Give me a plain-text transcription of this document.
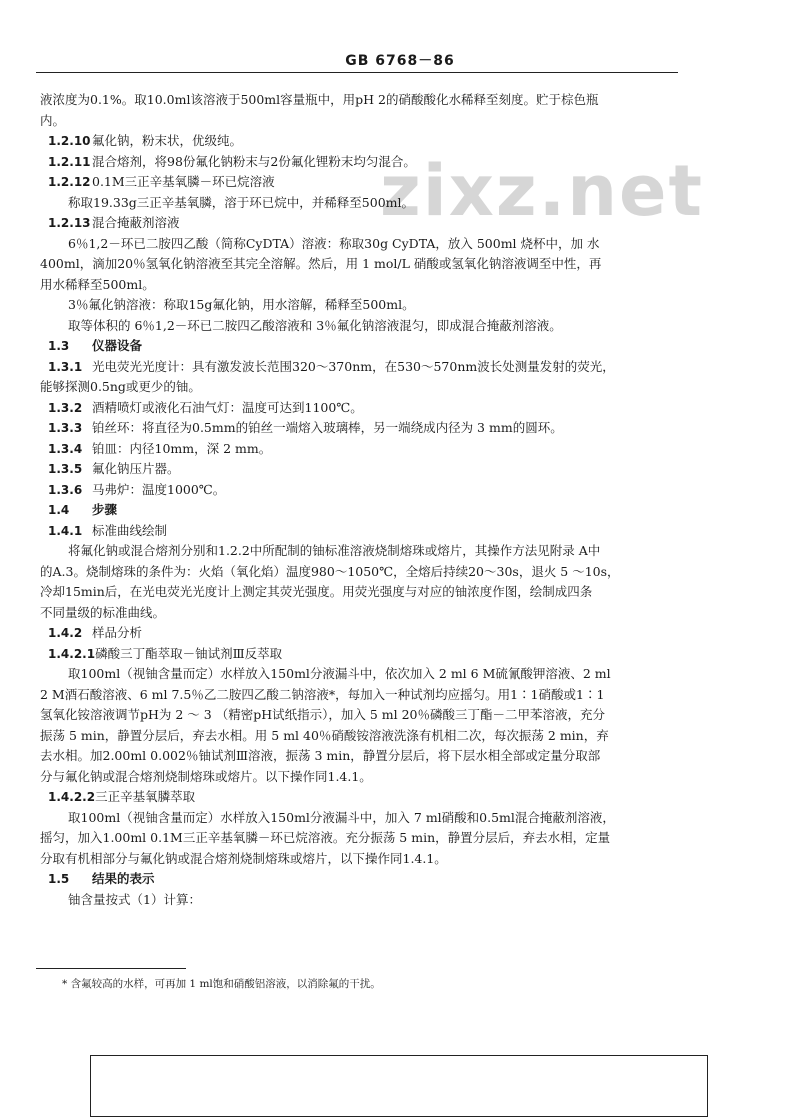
GB 6768－86
zixz.net

液浓度为0.1%。取10.0ml该溶液于500ml容量瓶中，用pH 2的硝酸酸化水稀释至刻度。贮于棕色瓶

内。

1.2.10氟化钠，粉末状，优级纯。

1.2.11混合熔剂，将98份氟化钠粉末与2份氟化锂粉末均匀混合。

1.2.120.1M三正辛基氧膦－环已烷溶液

称取19.33g三正辛基氧膦，溶于环已烷中，并稀释至500ml。

1.2.13混合掩蔽剂溶液

6％1,2－环已二胺四乙酸（简称CyDTA）溶液：称取30g CyDTA，放入 500ml 烧杯中，加 水

400ml，滴加20％氢氧化钠溶液至其完全溶解。然后，用 1 mol/L 硝酸或氢氧化钠溶液调至中性，再

用水稀释至500ml。

3％氟化钠溶液：称取15g氟化钠，用水溶解，稀释至500ml。

取等体积的 6％1,2－环已二胺四乙酸溶液和 3％氟化钠溶液混匀，即成混合掩蔽剂溶液。

1.3 仪器设备

1.3.1 光电荧光光度计：具有激发波长范围320～370nm，在530～570nm波长处测量发射的荧光，

能够探测0.5ng或更少的铀。

1.3.2 酒精喷灯或液化石油气灯：温度可达到1100℃。

1.3.3 铂丝环：将直径为0.5mm的铂丝一端熔入玻璃棒，另一端绕成内径为 3 mm的圆环。

1.3.4 铂皿：内径10mm，深 2 mm。

1.3.5 氟化钠压片器。

1.3.6 马弗炉：温度1000℃。

1.4 步骤

1.4.1 标准曲线绘制

将氟化钠或混合熔剂分别和1.2.2中所配制的铀标准溶液烧制熔珠或熔片，其操作方法见附录 A中

的A.3。烧制熔珠的条件为：火焰（氧化焰）温度980～1050℃，全熔后持续20～30s，退火 5 ～10s，

冷却15min后，在光电荧光光度计上测定其荧光强度。用荧光强度与对应的铀浓度作图，绘制成四条

不同量级的标准曲线。

1.4.2 样品分析

1.4.2.1磷酸三丁酯萃取－铀试剂Ⅲ反萃取

取100ml（视铀含量而定）水样放入150ml分液漏斗中，依次加入 2 ml 6 M硫氰酸钾溶液、2 ml

2 M酒石酸溶液、6 ml 7.5％乙二胺四乙酸二钠溶液*，每加入一种试剂均应摇匀。用1∶1硝酸或1∶1

氢氧化铵溶液调节pH为 2 ～ 3 （精密pH试纸指示），加入 5 ml 20％磷酸三丁酯－二甲苯溶液，充分

振荡 5 min，静置分层后，弃去水相。用 5 ml 40％硝酸铵溶液洗涤有机相二次，每次振荡 2 min，弃

去水相。加2.00ml 0.002％铀试剂Ⅲ溶液，振荡 3 min，静置分层后，将下层水相全部或定量分取部

分与氟化钠或混合熔剂烧制熔珠或熔片。以下操作同1.4.1。

1.4.2.2三正辛基氧膦萃取

取100ml（视铀含量而定）水样放入150ml分液漏斗中，加入 7 ml硝酸和0.5ml混合掩蔽剂溶液，

摇匀，加入1.00ml 0.1M三正辛基氧膦－环已烷溶液。充分振荡 5 min，静置分层后，弃去水相，定量

分取有机相部分与氟化钠或混合熔剂烧制熔珠或熔片，以下操作同1.4.1。

1.5 结果的表示

铀含量按式（1）计算：

* 含氟较高的水样，可再加 1 ml饱和硝酸铝溶液，以消除氟的干扰。
